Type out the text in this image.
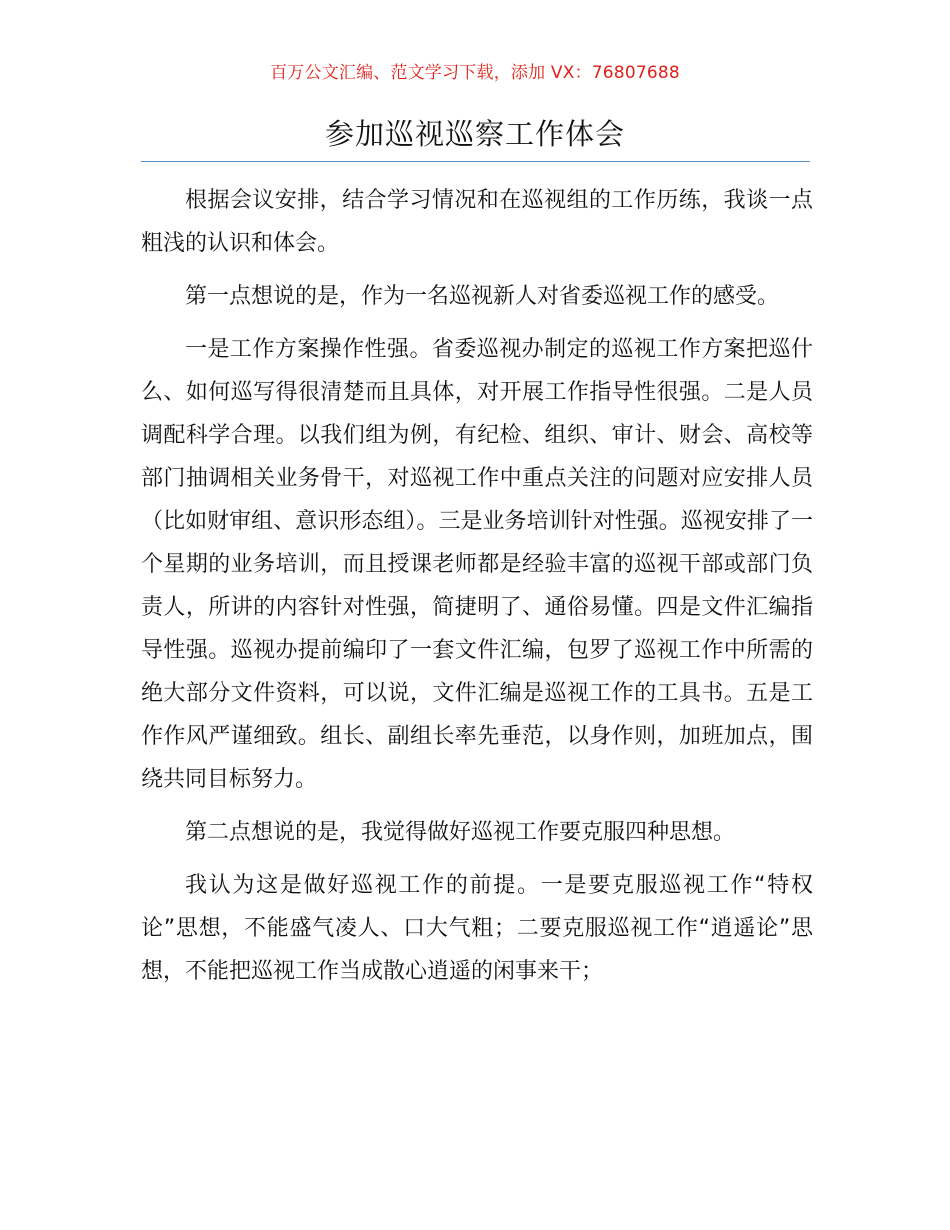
百万公文汇编、范文学习下载，添加 VX：76807688
参加巡视巡察工作体会

根据会议安排，结合学习情况和在巡视组的工作历练，我谈一点粗浅的认识和体会。

第一点想说的是，作为一名巡视新人对省委巡视工作的感受。

一是工作方案操作性强。省委巡视办制定的巡视工作方案把巡什么、如何巡写得很清楚而且具体，对开展工作指导性很强。二是人员调配科学合理。以我们组为例，有纪检、组织、审计、财会、高校等部门抽调相关业务骨干，对巡视工作中重点关注的问题对应安排人员（比如财审组、意识形态组）。三是业务培训针对性强。巡视安排了一个星期的业务培训，而且授课老师都是经验丰富的巡视干部或部门负责人，所讲的内容针对性强，简捷明了、通俗易懂。四是文件汇编指导性强。巡视办提前编印了一套文件汇编，包罗了巡视工作中所需的绝大部分文件资料，可以说，文件汇编是巡视工作的工具书。五是工作作风严谨细致。组长、副组长率先垂范，以身作则，加班加点，围绕共同目标努力。

第二点想说的是，我觉得做好巡视工作要克服四种思想。

我认为这是做好巡视工作的前提。一是要克服巡视工作“特权论”思想，不能盛气凌人、口大气粗；二要克服巡视工作“逍遥论”思想，不能把巡视工作当成散心逍遥的闲事来干；
